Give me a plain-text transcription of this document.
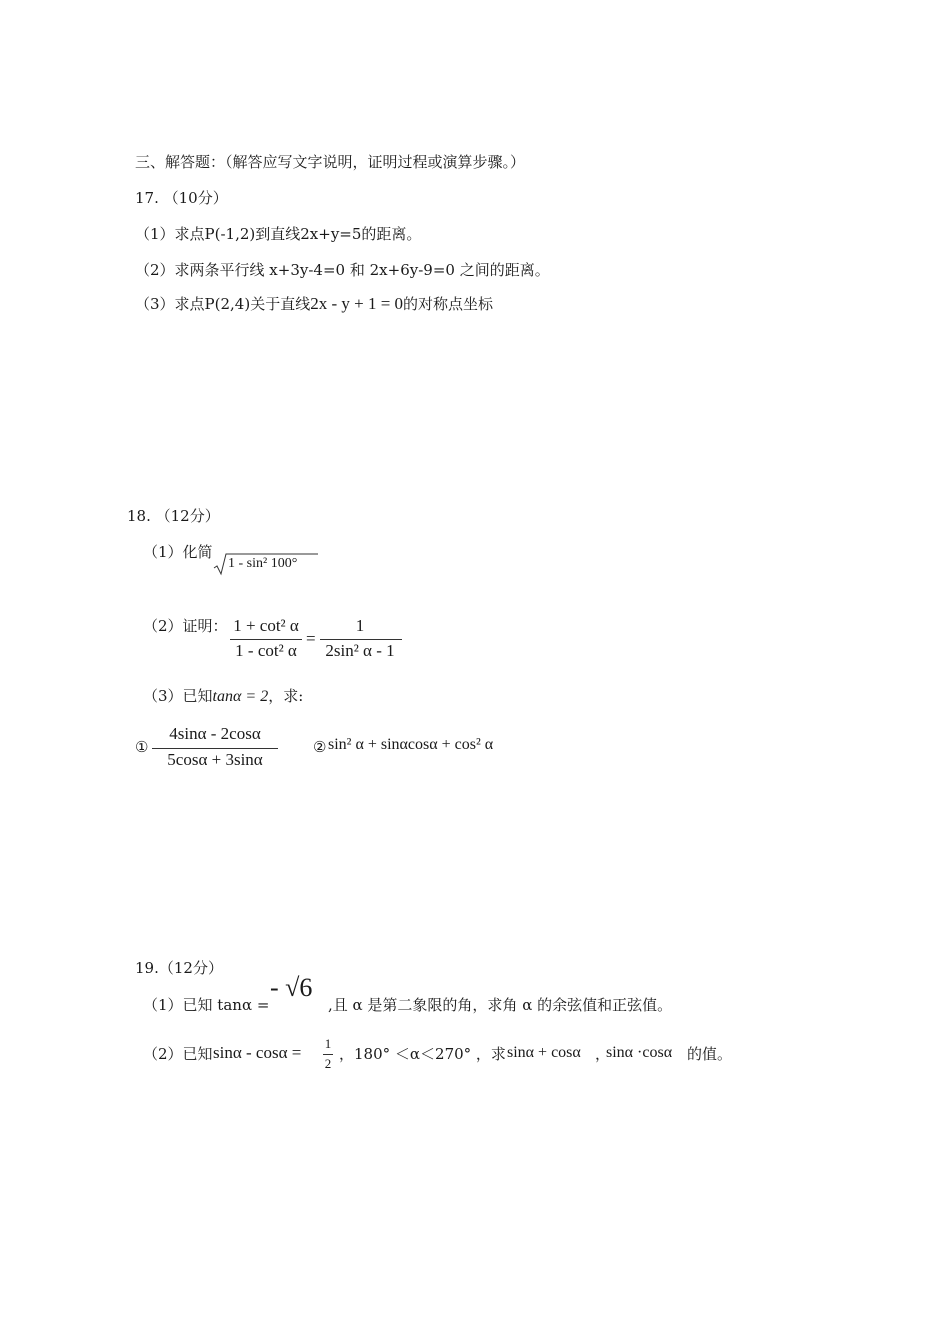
三、解答题：（解答应写文字说明，证明过程或演算步骤。）
17. （10分）
（1）求点P(-1,2)到直线2x+y=5的距离。
（2）求两条平行线 x+3y-4=0 和 2x+6y-9=0 之间的距离。
（3）求点P(2,4)关于直线2x - y + 1 = 0的对称点坐标
18. （12分）
（1）化简
1 - sin² 100°
（2）证明： 1 + cot² α
1 - cot² α
=
1
2sin² α - 1
（3）已知tanα = 2，求:
①
4sinα - 2cosα
5cosα + 3sinα
② sin² α + sinαcosα + cos² α
19.（12分）
（1）已知 tanα =
- √6
,且 α 是第二象限的角，求角 α 的余弦值和正弦值。
（2）已知 sinα - cosα = 1
2
，180° ＜α＜270° ，求 sinα + cosα ，
sinα ·cosα 的值。
